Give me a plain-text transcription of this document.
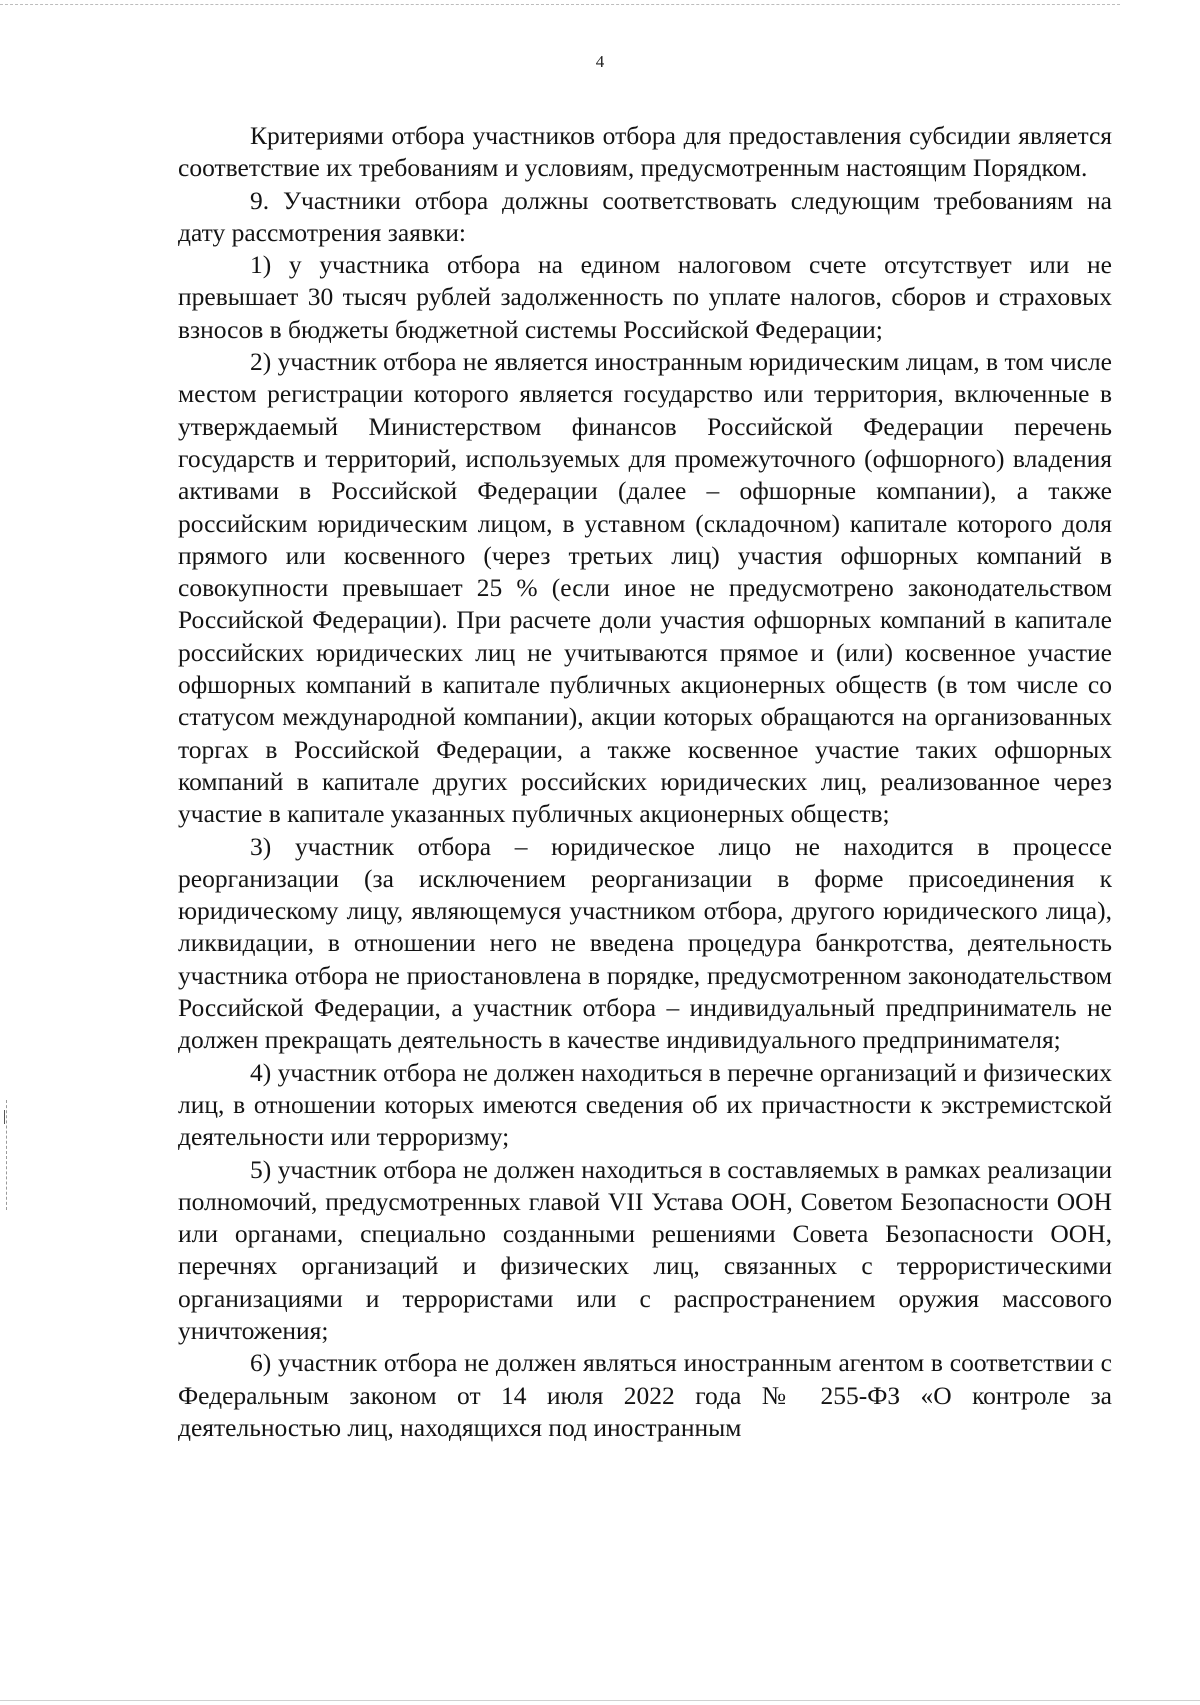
4

Критериями отбора участников отбора для предоставления субсидии является соответствие их требованиям и условиям, предусмотренным настоящим Порядком.

9. Участники отбора должны соответствовать следующим требованиям на дату рассмотрения заявки:

1) у участника отбора на едином налоговом счете отсутствует или не превышает 30 тысяч рублей задолженность по уплате налогов, сборов и страховых взносов в бюджеты бюджетной системы Российской Федерации;

2) участник отбора не является иностранным юридическим лицам, в том числе местом регистрации которого является государство или территория, включенные в утверждаемый Министерством финансов Российской Федерации перечень государств и территорий, используемых для промежуточного (офшорного) владения активами в Российской Федерации (далее – офшорные компании), а также российским юридическим лицом, в уставном (складочном) капитале которого доля прямого или косвенного (через третьих лиц) участия офшорных компаний в совокупности превышает 25 % (если иное не предусмотрено законодательством Российской Федерации). При расчете доли участия офшорных компаний в капитале российских юридических лиц не учитываются прямое и (или) косвенное участие офшорных компаний в капитале публичных акционерных обществ (в том числе со статусом международной компании), акции которых обращаются на организованных торгах в Российской Федерации, а также косвенное участие таких офшорных компаний в капитале других российских юридических лиц, реализованное через участие в капитале указанных публичных акционерных обществ;

3) участник отбора – юридическое лицо не находится в процессе реорганизации (за исключением реорганизации в форме присоединения к юридическому лицу, являющемуся участником отбора, другого юридического лица), ликвидации, в отношении него не введена процедура банкротства, деятельность участника отбора не приостановлена в порядке, предусмотренном законодательством Российской Федерации, а участник отбора – индивидуальный предприниматель не должен прекращать деятельность в качестве индивидуального предпринимателя;

4) участник отбора не должен находиться в перечне организаций и физических лиц, в отношении которых имеются сведения об их причастности к экстремистской деятельности или терроризму;

5) участник отбора не должен находиться в составляемых в рамках реализации полномочий, предусмотренных главой VII Устава ООН, Советом Безопасности ООН или органами, специально созданными решениями Совета Безопасности ООН, перечнях организаций и физических лиц, связанных с террористическими организациями и террористами или с распространением оружия массового уничтожения;

6) участник отбора не должен являться иностранным агентом в соответствии с Федеральным законом от 14 июля 2022 года № 255-ФЗ «О контроле за деятельностью лиц, находящихся под иностранным
